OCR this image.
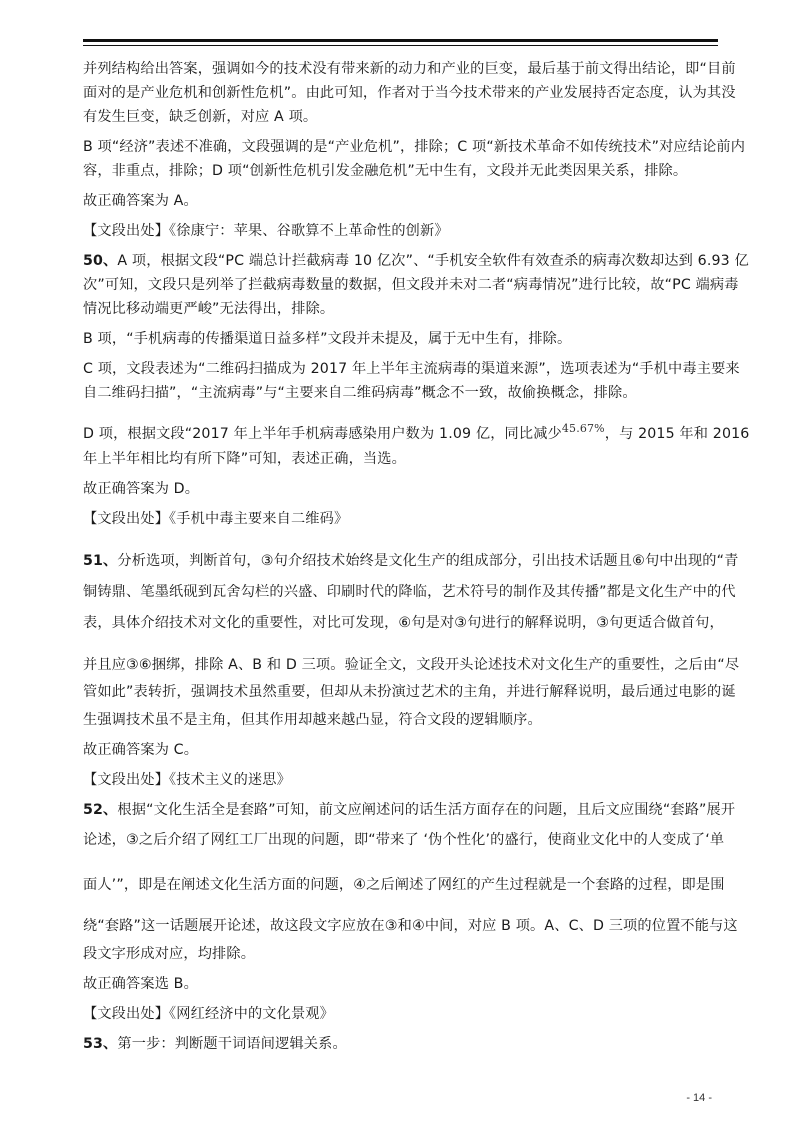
并列结构给出答案，强调如今的技术没有带来新的动力和产业的巨变，最后基于前文得出结论，即“目前

面对的是产业危机和创新性危机”。由此可知，作者对于当今技术带来的产业发展持否定态度，认为其没

有发生巨变，缺乏创新，对应 A 项。

B 项“经济”表述不准确，文段强调的是“产业危机”，排除；C 项“新技术革命不如传统技术”对应结论前内

容，非重点，排除；D 项“创新性危机引发金融危机”无中生有，文段并无此类因果关系，排除。

故正确答案为 A。

【文段出处】《徐康宁：苹果、谷歌算不上革命性的创新》

50、A 项，根据文段“PC 端总计拦截病毒 10 亿次”、“手机安全软件有效查杀的病毒次数却达到 6.93 亿

次”可知，文段只是列举了拦截病毒数量的数据，但文段并未对二者“病毒情况”进行比较，故“PC 端病毒

情况比移动端更严峻”无法得出，排除。

B 项，“手机病毒的传播渠道日益多样”文段并未提及，属于无中生有，排除。

C 项，文段表述为“二维码扫描成为 2017 年上半年主流病毒的渠道来源”，选项表述为“手机中毒主要来

自二维码扫描”，“主流病毒”与“主要来自二维码病毒”概念不一致，故偷换概念，排除。

D 项，根据文段“2017 年上半年手机病毒感染用户数为 1.09 亿，同比减少$^{45.67\%}$，与 2015 年和 2016

年上半年相比均有所下降”可知，表述正确，当选。

故正确答案为 D。

【文段出处】《手机中毒主要来自二维码》

51、分析选项，判断首句，③句介绍技术始终是文化生产的组成部分，引出技术话题且⑥句中出现的“青

铜铸鼎、笔墨纸砚到瓦舍勾栏的兴盛、印刷时代的降临，艺术符号的制作及其传播”都是文化生产中的代

表，具体介绍技术对文化的重要性，对比可发现，⑥句是对③句进行的解释说明，③句更适合做首句，

并且应③⑥捆绑，排除 A、B 和 D 三项。验证全文，文段开头论述技术对文化生产的重要性，之后由“尽

管如此”表转折，强调技术虽然重要，但却从未扮演过艺术的主角，并进行解释说明，最后通过电影的诞

生强调技术虽不是主角，但其作用却越来越凸显，符合文段的逻辑顺序。

故正确答案为 C。

【文段出处】《技术主义的迷思》

52、根据“文化生活全是套路”可知，前文应阐述问的话生活方面存在的问题，且后文应围绕“套路”展开

论述，③之后介绍了网红工厂出现的问题，即“带来了 ‘伪个性化’的盛行，使商业文化中的人变成了‘单

面人’”，即是在阐述文化生活方面的问题，④之后阐述了网红的产生过程就是一个套路的过程，即是围

绕“套路”这一话题展开论述，故这段文字应放在③和④中间，对应 B 项。A、C、D 三项的位置不能与这

段文字形成对应，均排除。

故正确答案选 B。

【文段出处】《网红经济中的文化景观》

53、第一步：判断题干词语间逻辑关系。

- 14 -
